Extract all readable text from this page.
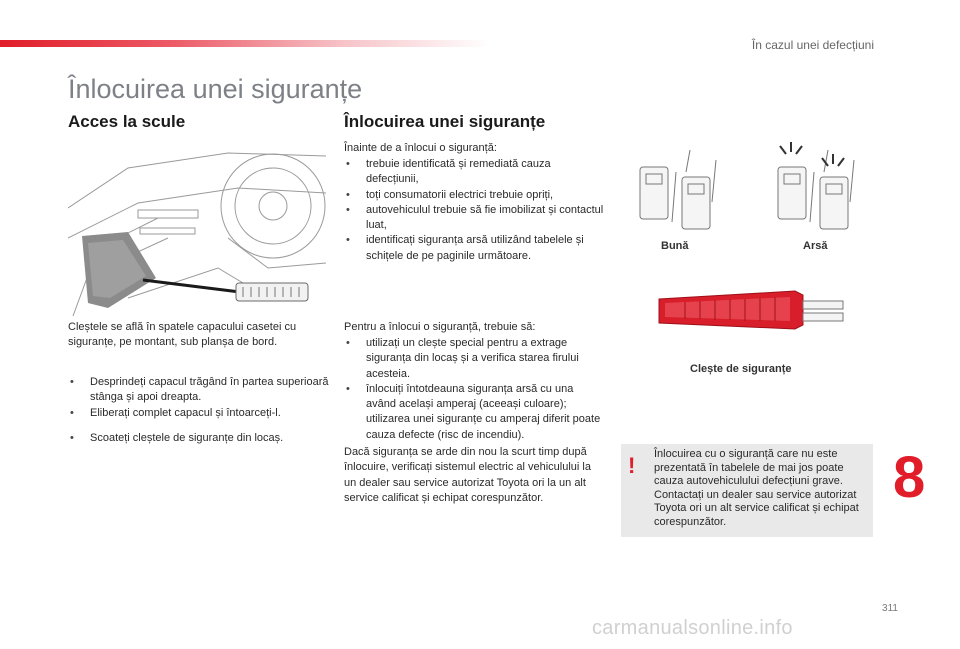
În cazul unei defecțiuni
Înlocuirea unei siguranțe
Acces la scule
Cleștele se află în spatele capacului casetei cu siguranțe, pe montant, sub planșa de bord.
• Desprindeți capacul trăgând în partea superioară stânga și apoi dreapta.
• Eliberați complet capacul și întoarceți-l.
• Scoateți cleștele de siguranțe din locaș.
Înlocuirea unei siguranțe
Înainte de a înlocui o siguranță:
• trebuie identificată și remediată cauza defecțiunii,
• toți consumatorii electrici trebuie opriți,
• autovehiculul trebuie să fie imobilizat și contactul luat,
• identificați siguranța arsă utilizând tabelele și schițele de pe paginile următoare.
Pentru a înlocui o siguranță, trebuie să:
• utilizați un clește special pentru a extrage siguranța din locaș și a verifica starea firului acesteia.
• înlocuiți întotdeauna siguranța arsă cu una având același amperaj (aceeași culoare); utilizarea unei siguranțe cu amperaj diferit poate cauza defecte (risc de incendiu).
Dacă siguranța se arde din nou la scurt timp după înlocuire, verificați sistemul electric al vehiculului la un dealer sau service autorizat Toyota ori la un alt service calificat și echipat corespunzător.
Bună	Arsă
Clește de siguranțe
! Înlocuirea cu o siguranță care nu este prezentată în tabelele de mai jos poate cauza autovehiculului defecțiuni grave. Contactați un dealer sau service autorizat Toyota ori un alt service calificat și echipat corespunzător.
8
311
carmanualsonline.info
